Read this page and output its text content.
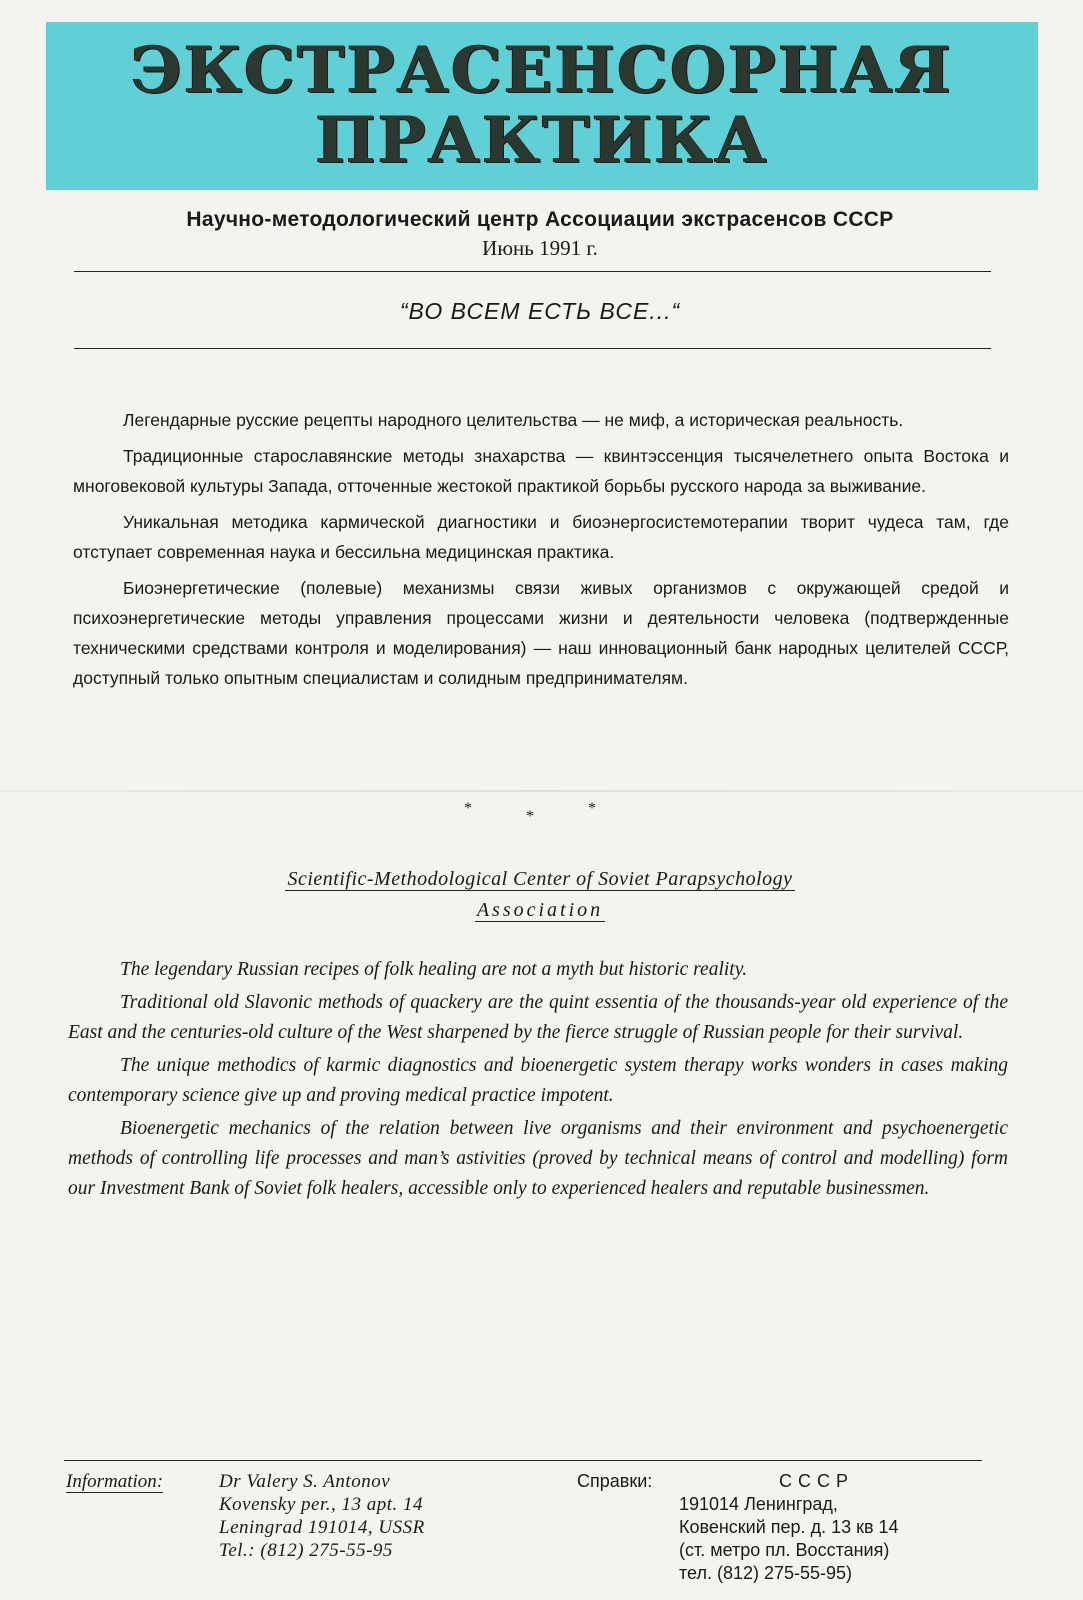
ЭКСТРАСЕНСОРНАЯ
ПРАКТИКА
Научно-методологический центр Ассоциации экстрасенсов СССР
Июнь 1991 г.
“ВО ВСЕМ ЕСТЬ ВСЕ...“

Легендарные русские рецепты народного целительства — не миф, а историческая реальность.

Традиционные старославянские методы знахарства — квинтэссенция тысячелетнего опыта Востока и многовековой культуры Запада, отточенные жестокой практикой борьбы русского народа за выживание.

Уникальная методика кармической диагностики и биоэнергосистемотерапии творит чудеса там, где отступает современная наука и бессильна медицинская практика.

Биоэнергетические (полевые) механизмы связи живых организмов с окружающей средой и психоэнергетические методы управления процессами жизни и деятельности человека (подтвержденные техническими средствами контроля и моделирования) — наш инновационный банк народных целителей СССР, доступный только опытным специалистам и солидным предпринимателям.

*	*	*
Scientific-Methodological Center of Soviet Parapsychology
Association

The legendary Russian recipes of folk healing are not a myth but historic reality.

Traditional old Slavonic methods of quackery are the quint essentia of the thousands-year old experience of the East and the centuries-old culture of the West sharpened by the fierce struggle of Russian people for their survival.

The unique methodics of karmic diagnostics and bioenergetic system therapy works wonders in cases making contemporary science give up and proving medical practice impotent.

Bioenergetic mechanics of the relation between live organisms and their environment and psychoenergetic methods of controlling life processes and man’s astivities (proved by technical means of control and modelling) form our Investment Bank of Soviet folk healers, accessible only to experienced healers and reputable businessmen.

Information:	Dr Valery S. Antonov
Kovensky per., 13 apt. 14
Leningrad 191014, USSR
Tel.: (812) 275-55-95
Справки:	СССР
191014 Ленинград,
Ковенский пер. д. 13 кв 14
(ст. метро пл. Восстания)
тел. (812) 275-55-95)
